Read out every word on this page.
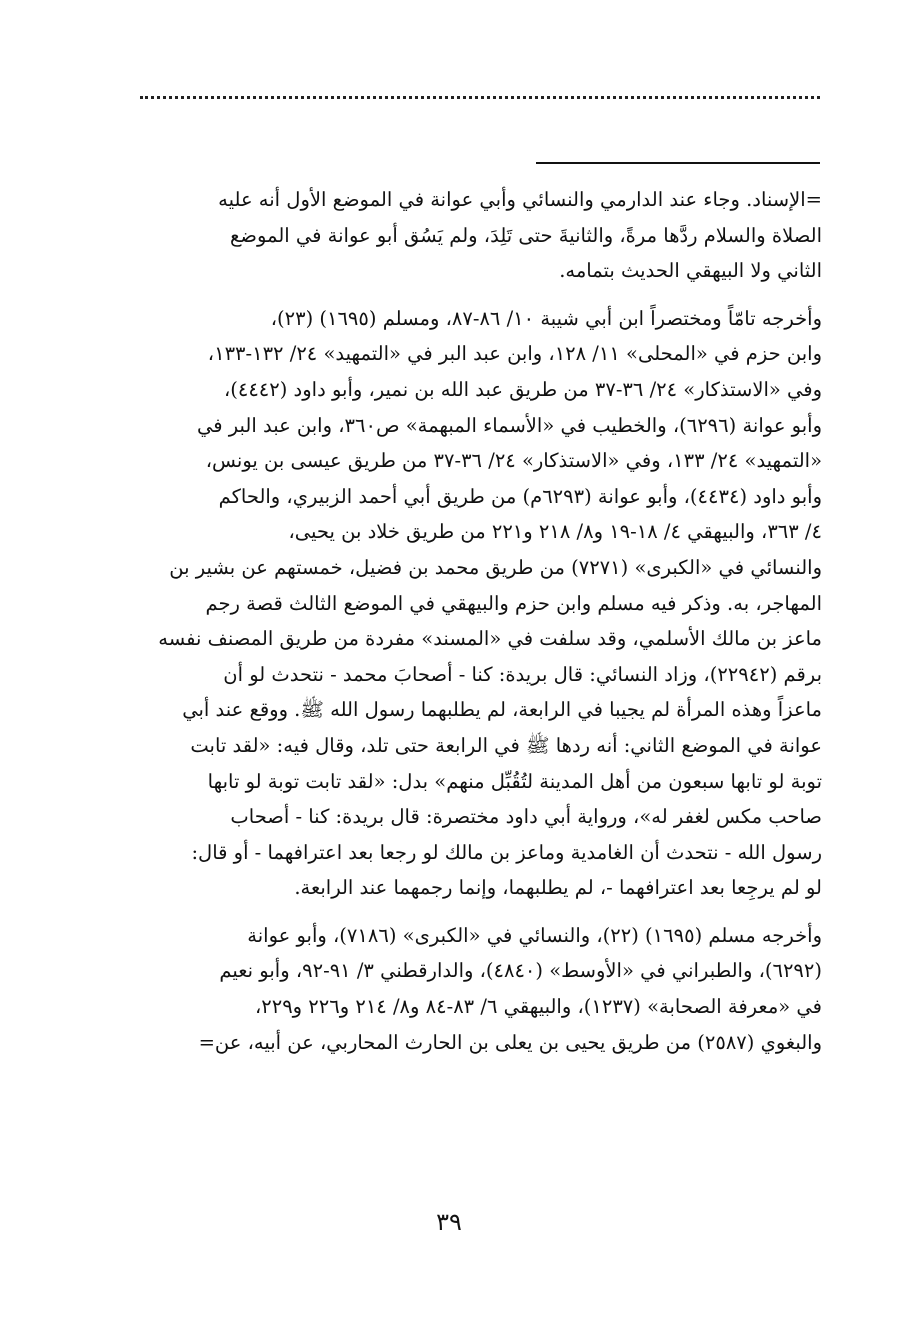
=الإسناد. وجاء عند الدارمي والنسائي وأبي عوانة في الموضع الأول أنه عليه
الصلاة والسلام ردَّها مرةً، والثانيةَ حتى تَلِدَ، ولم يَسُق أبو عوانة في الموضع
الثاني ولا البيهقي الحديث بتمامه.
وأخرجه تامّاً ومختصراً ابن أبي شيبة ١٠/ ٨٦-٨٧، ومسلم (١٦٩٥) (٢٣)،
وابن حزم في «المحلى» ١١/ ١٢٨، وابن عبد البر في «التمهيد» ٢٤/ ١٣٢-١٣٣،
وفي «الاستذكار» ٢٤/ ٣٦-٣٧ من طريق عبد الله بن نمير، وأبو داود (٤٤٤٢)،
وأبو عوانة (٦٢٩٦)، والخطيب في «الأسماء المبهمة» ص٣٦٠، وابن عبد البر في
«التمهيد» ٢٤/ ١٣٣، وفي «الاستذكار» ٢٤/ ٣٦-٣٧ من طريق عيسى بن يونس،
وأبو داود (٤٤٣٤)، وأبو عوانة (٦٢٩٣م) من طريق أبي أحمد الزبيري، والحاكم
٤/ ٣٦٣، والبيهقي ٤/ ١٨-١٩ و٨/ ٢١٨ و٢٢١ من طريق خلاد بن يحيى،
والنسائي في «الكبرى» (٧٢٧١) من طريق محمد بن فضيل، خمستهم عن بشير بن
المهاجر، به. وذكر فيه مسلم وابن حزم والبيهقي في الموضع الثالث قصة رجم
ماعز بن مالك الأسلمي، وقد سلفت في «المسند» مفردة من طريق المصنف نفسه
برقم (٢٢٩٤٢)، وزاد النسائي: قال بريدة: كنا - أصحابَ محمد - نتحدث لو أن
ماعزاً وهذه المرأة لم يجيبا في الرابعة، لم يطلبهما رسول الله ﷺ. ووقع عند أبي
عوانة في الموضع الثاني: أنه ردها ﷺ في الرابعة حتى تلد، وقال فيه: «لقد تابت
توبة لو تابها سبعون من أهل المدينة لتُقُبِّل منهم» بدل: «لقد تابت توبة لو تابها
صاحب مكس لغفر له»، ورواية أبي داود مختصرة: قال بريدة: كنا - أصحاب
رسول الله - نتحدث أن الغامدية وماعز بن مالك لو رجعا بعد اعترافهما - أو قال:
لو لم يرجِعا بعد اعترافهما -، لم يطلبهما، وإنما رجمهما عند الرابعة.
وأخرجه مسلم (١٦٩٥) (٢٢)، والنسائي في «الكبرى» (٧١٨٦)، وأبو عوانة
(٦٢٩٢)، والطبراني في «الأوسط» (٤٨٤٠)، والدارقطني ٣/ ٩١-٩٢، وأبو نعيم
في «معرفة الصحابة» (١٢٣٧)، والبيهقي ٦/ ٨٣-٨٤ و٨/ ٢١٤ و٢٢٦ و٢٢٩،
والبغوي (٢٥٨٧) من طريق يحيى بن يعلى بن الحارث المحاربي، عن أبيه، عن=
٣٩
